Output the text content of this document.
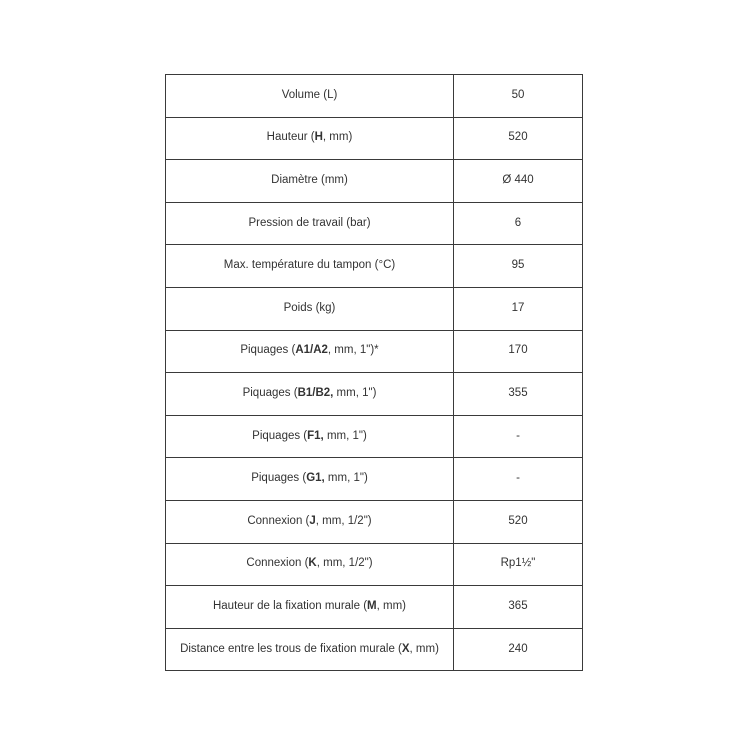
Volume (L)	50
Hauteur (H, mm)	520
Diamètre (mm)	Ø 440
Pression de travail (bar)	6
Max. température du tampon (°C)	95
Poids (kg)	17
Piquages (A1/A2, mm, 1")*	170
Piquages (B1/B2, mm, 1")	355
Piquages (F1, mm, 1")	-
Piquages (G1, mm, 1")	-
Connexion (J, mm, 1/2")	520
Connexion (K, mm, 1/2")	Rp1½"
Hauteur de la fixation murale (M, mm)	365
Distance entre les trous de fixation murale (X, mm)	240
